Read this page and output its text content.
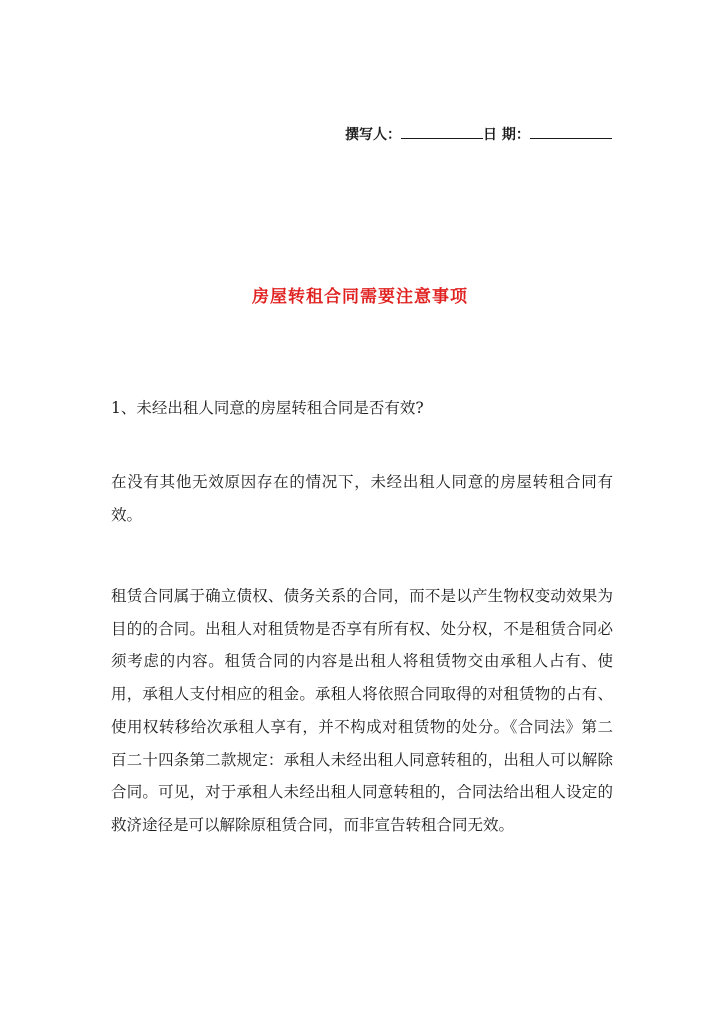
撰写人：	日 期：
房屋转租合同需要注意事项
1、未经出租人同意的房屋转租合同是否有效?
在没有其他无效原因存在的情况下，未经出租人同意的房屋转租合同有效。
租赁合同属于确立债权、债务关系的合同，而不是以产生物权变动效果为目的的合同。出租人对租赁物是否享有所有权、处分权，不是租赁合同必须考虑的内容。租赁合同的内容是出租人将租赁物交由承租人占有、使用，承租人支付相应的租金。承租人将依照合同取得的对租赁物的占有、使用权转移给次承租人享有，并不构成对租赁物的处分。《合同法》第二百二十四条第二款规定：承租人未经出租人同意转租的，出租人可以解除合同。可见，对于承租人未经出租人同意转租的，合同法给出租人设定的救济途径是可以解除原租赁合同，而非宣告转租合同无效。
